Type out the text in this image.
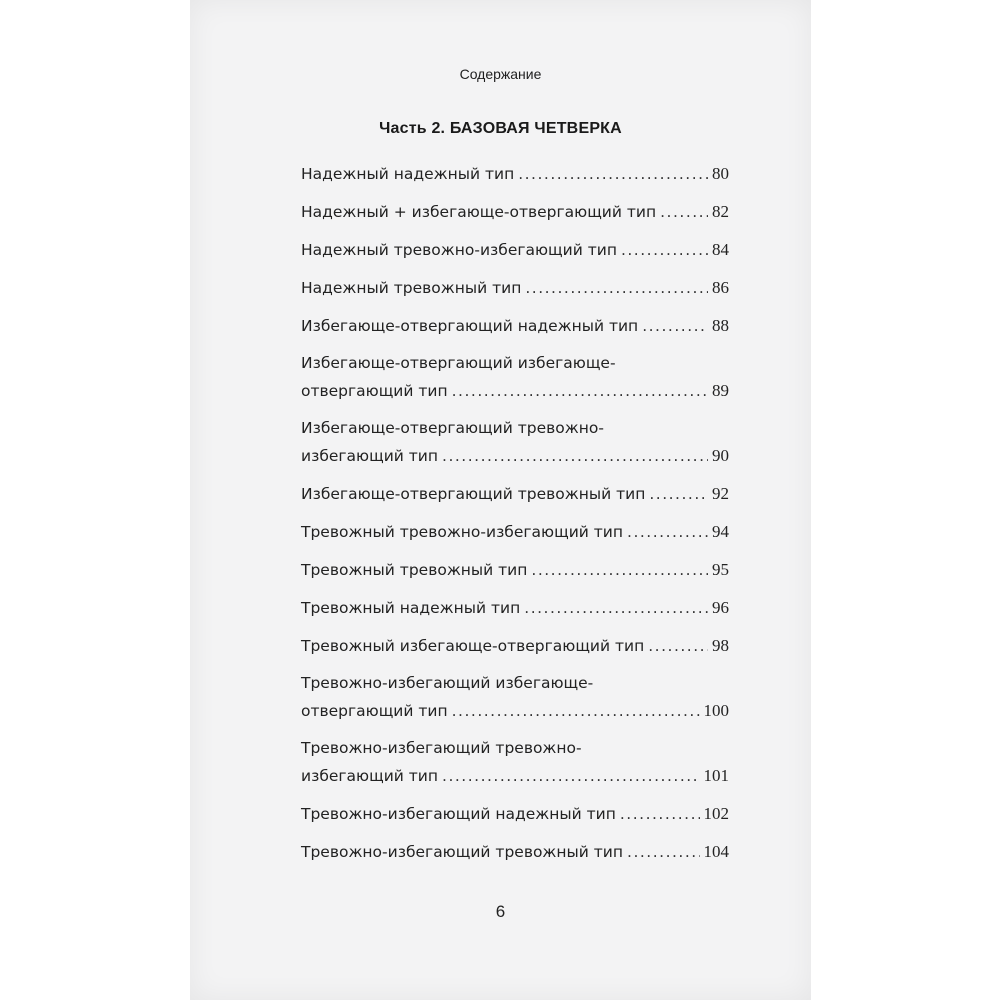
Содержание
Часть 2. БАЗОВАЯ ЧЕТВЕРКА
Надежный надежный тип .....	80
Надежный + избегающе-отвергающий тип .....	82
Надежный тревожно-избегающий тип .....	84
Надежный тревожный тип .....	86
Избегающе-отвергающий надежный тип .....	88
Избегающе-отвергающий избегающе-
отвергающий тип .....	89
Избегающе-отвергающий тревожно-
избегающий тип .....	90
Избегающе-отвергающий тревожный тип .....	92
Тревожный тревожно-избегающий тип .....	94
Тревожный тревожный тип .....	95
Тревожный надежный тип .....	96
Тревожный избегающе-отвергающий тип .....	98
Тревожно-избегающий избегающе-
отвергающий тип .....	100
Тревожно-избегающий тревожно-
избегающий тип .....	101
Тревожно-избегающий надежный тип .....	102
Тревожно-избегающий тревожный тип .....	104
6
